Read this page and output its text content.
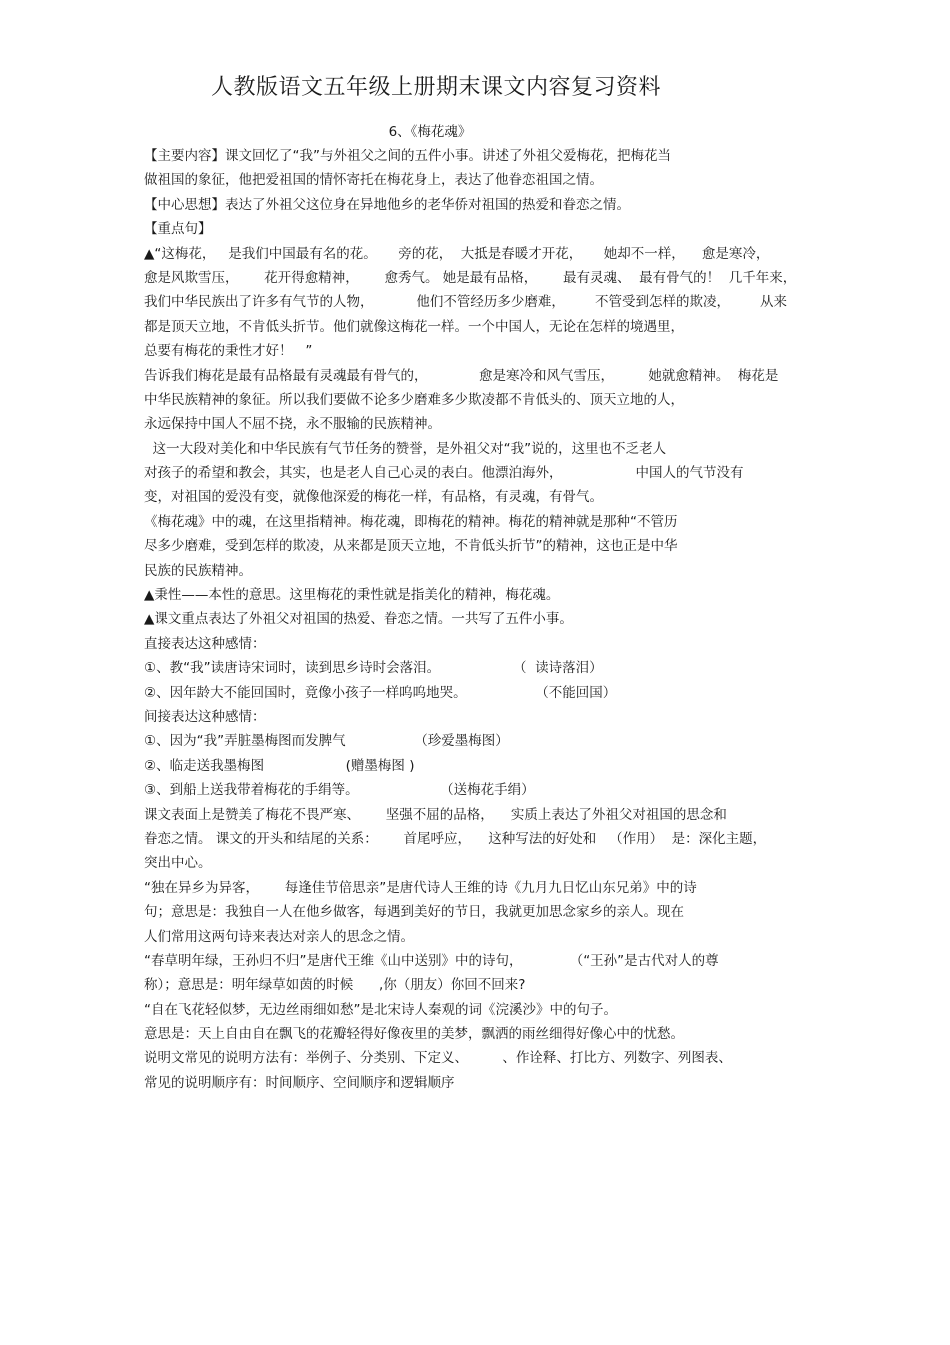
人教版语文五年级上册期末课文内容复习资料
6、《梅花魂》
【主要内容】课文回忆了“我”与外祖父之间的五件小事。讲述了外祖父爱梅花，把梅花当
做祖国的象征，他把爱祖国的情怀寄托在梅花身上，表达了他眷恋祖国之情。
【中心思想】表达了外祖父这位身在异地他乡的老华侨对祖国的热爱和眷恋之情。
【重点句】
▲“这梅花，   是我们中国最有名的花。     旁的花，  大抵是春暖才开花，     她却不一样，    愈是寒冷，
愈是风欺雪压，      花开得愈精神，      愈秀气。 她是最有品格，      最有灵魂、  最有骨气的！  几千年来，
我们中华民族出了许多有气节的人物，          他们不管经历多少磨难，       不管受到怎样的欺凌，       从来
都是顶天立地，不肯低头折节。他们就像这梅花一样。一个中国人，无论在怎样的境遇里，
总要有梅花的秉性才好！   ”
告诉我们梅花是最有品格最有灵魂最有骨气的，            愈是寒冷和风气雪压，        她就愈精神。  梅花是
中华民族精神的象征。所以我们要做不论多少磨难多少欺凌都不肯低头的、顶天立地的人，
永远保持中国人不屈不挠，永不服输的民族精神。
这一大段对美化和中华民族有气节任务的赞誉，是外祖父对“我”说的，这里也不乏老人
对孩子的希望和教会，其实，也是老人自己心灵的表白。他漂泊海外，                 中国人的气节没有
变，对祖国的爱没有变，就像他深爱的梅花一样，有品格，有灵魂，有骨气。
《梅花魂》中的魂，在这里指精神。梅花魂，即梅花的精神。梅花的精神就是那种“不管历
尽多少磨难，受到怎样的欺凌，从来都是顶天立地，不肯低头折节”的精神，这也正是中华
民族的民族精神。
▲秉性——本性的意思。这里梅花的秉性就是指美化的精神，梅花魂。
▲课文重点表达了外祖父对祖国的热爱、眷恋之情。一共写了五件小事。
直接表达这种感情：
①、教“我”读唐诗宋词时，读到思乡诗时会落泪。                 （  读诗落泪）
②、因年龄大不能回国时，竟像小孩子一样呜呜地哭。                （不能回国）
间接表达这种感情：
①、因为“我”弄脏墨梅图而发脾气                （珍爱墨梅图）
②、临走送我墨梅图                   (赠墨梅图 )
③、到船上送我带着梅花的手绢等。                   （送梅花手绢）
课文表面上是赞美了梅花不畏严寒、      坚强不屈的品格，    实质上表达了外祖父对祖国的思念和
眷恋之情。 课文的开头和结尾的关系：      首尾呼应，    这种写法的好处和   （作用）  是：深化主题，
突出中心。
“独在异乡为异客，      每逢佳节倍思亲”是唐代诗人王维的诗《九月九日忆山东兄弟》中的诗
句；意思是：我独自一人在他乡做客，每遇到美好的节日，我就更加思念家乡的亲人。现在
人们常用这两句诗来表达对亲人的思念之情。
“春草明年绿，王孙归不归”是唐代王维《山中送别》中的诗句，           （“王孙”是古代对人的尊
称）；意思是：明年绿草如茵的时候      ,你（朋友）你回不回来?
“自在飞花轻似梦，无边丝雨细如愁”是北宋诗人秦观的词《浣溪沙》中的句子。
意思是：天上自由自在飘飞的花瓣轻得好像夜里的美梦，飘洒的雨丝细得好像心中的忧愁。
说明文常见的说明方法有：举例子、分类别、下定义、        、作诠释、打比方、列数字、列图表、
常见的说明顺序有：时间顺序、空间顺序和逻辑顺序
